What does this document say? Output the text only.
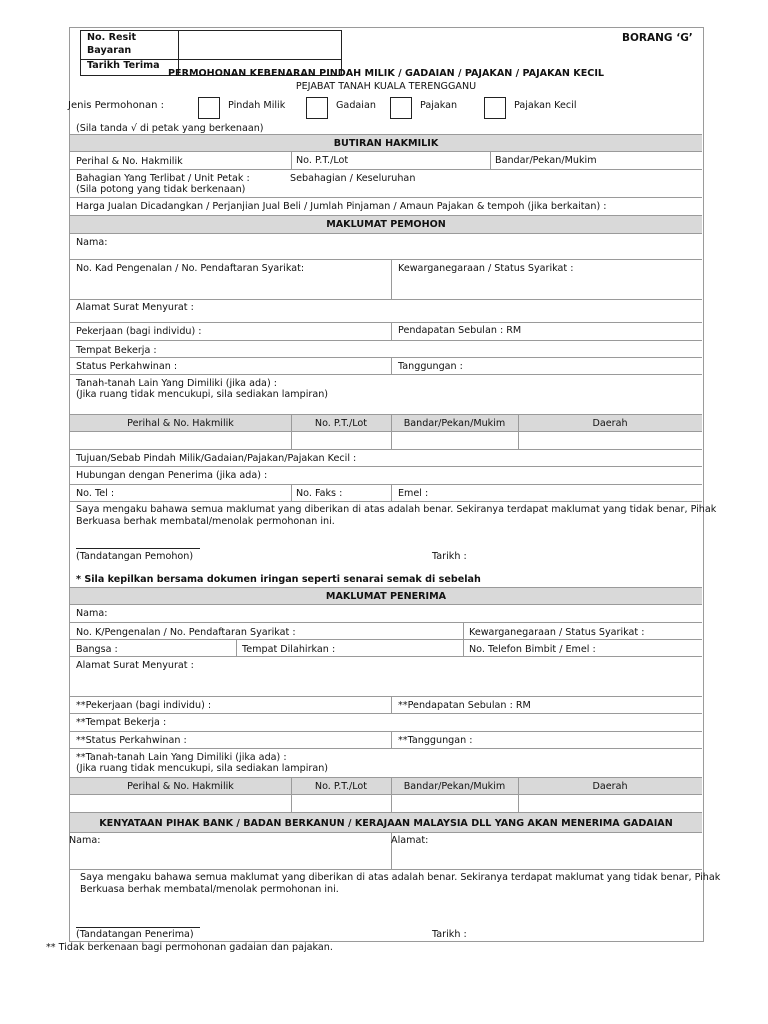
No. Resit
Bayaran
Tarikh Terima
BORANG ‘G’
PERMOHONAN KEBENARAN PINDAH MILIK / GADAIAN / PAJAKAN / PAJAKAN KECIL
PEJABAT TANAH KUALA TERENGGANU
Jenis Permohonan :	Pindah Milik	Gadaian	Pajakan	Pajakan Kecil
(Sila tanda √ di petak yang berkenaan)
BUTIRAN HAKMILIK
Perihal & No. Hakmilik	No. P.T./Lot	Bandar/Pekan/Mukim
Bahagian Yang Terlibat / Unit Petak :	Sebahagian / Keseluruhan
(Sila potong yang tidak berkenaan)
Harga Jualan Dicadangkan / Perjanjian Jual Beli / Jumlah Pinjaman / Amaun Pajakan & tempoh (jika berkaitan) :
MAKLUMAT PEMOHON
Nama:
No. Kad Pengenalan / No. Pendaftaran Syarikat:	Kewarganegaraan / Status Syarikat :
Alamat Surat Menyurat :
Pekerjaan (bagi individu) :	Pendapatan Sebulan : RM
Tempat Bekerja :
Status Perkahwinan :	Tanggungan :
Tanah-tanah Lain Yang Dimiliki (jika ada) :
(Jika ruang tidak mencukupi, sila sediakan lampiran)
Perihal & No. Hakmilik	No. P.T./Lot	Bandar/Pekan/Mukim	Daerah
Tujuan/Sebab Pindah Milik/Gadaian/Pajakan/Pajakan Kecil :
Hubungan dengan Penerima (jika ada) :
No. Tel :	No. Faks :	Emel :
Saya mengaku bahawa semua maklumat yang diberikan di atas adalah benar. Sekiranya terdapat maklumat yang tidak benar, Pihak
Berkuasa berhak membatal/menolak permohonan ini.
(Tandatangan Pemohon)	Tarikh :
* Sila kepilkan bersama dokumen iringan seperti senarai semak di sebelah
MAKLUMAT PENERIMA
Nama:
No. K/Pengenalan / No. Pendaftaran Syarikat :	Kewarganegaraan / Status Syarikat :
Bangsa :	Tempat Dilahirkan :	No. Telefon Bimbit / Emel :
Alamat Surat Menyurat :
**Pekerjaan (bagi individu) :	**Pendapatan Sebulan : RM
**Tempat Bekerja :
**Status Perkahwinan :	**Tanggungan :
**Tanah-tanah Lain Yang Dimiliki (jika ada) :
(Jika ruang tidak mencukupi, sila sediakan lampiran)
Perihal & No. Hakmilik	No. P.T./Lot	Bandar/Pekan/Mukim	Daerah
KENYATAAN PIHAK BANK / BADAN BERKANUN / KERAJAAN MALAYSIA DLL YANG AKAN MENERIMA GADAIAN
Nama:	Alamat:
Saya mengaku bahawa semua maklumat yang diberikan di atas adalah benar. Sekiranya terdapat maklumat yang tidak benar, Pihak
Berkuasa berhak membatal/menolak permohonan ini.
(Tandatangan Penerima)	Tarikh :
** Tidak berkenaan bagi permohonan gadaian dan pajakan.
